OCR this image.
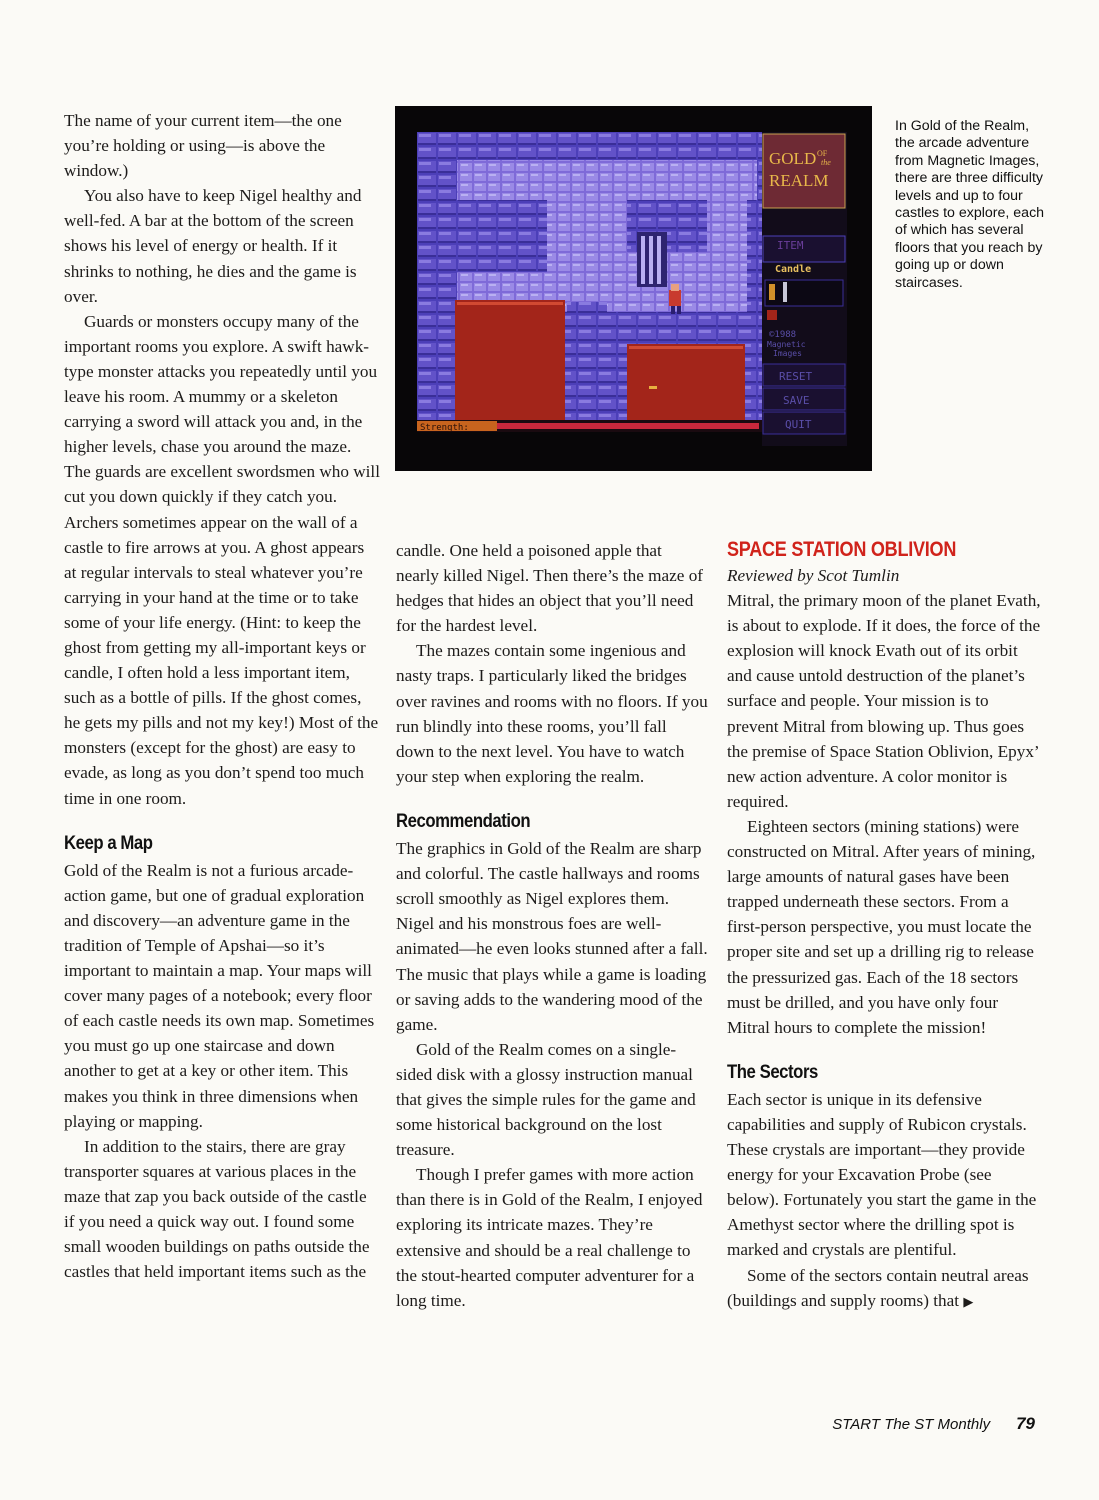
The name of your current item—the one you’re holding or using—is above the window.)

You also have to keep Nigel healthy and well-fed. A bar at the bottom of the screen shows his level of energy or health. If it shrinks to nothing, he dies and the game is over.

Guards or monsters occupy many of the important rooms you explore. A swift hawk-type monster attacks you repeatedly until you leave his room. A mummy or a skeleton carrying a sword will attack you and, in the higher levels, chase you around the maze. The guards are excellent swordsmen who will cut you down quickly if they catch you. Archers sometimes appear on the wall of a castle to fire arrows at you. A ghost appears at regular intervals to steal whatever you’re carrying in your hand at the time or to take some of your life energy. (Hint: to keep the ghost from getting my all-important keys or candle, I often hold a less important item, such as a bottle of pills. If the ghost comes, he gets my pills and not my key!) Most of the monsters (except for the ghost) are easy to evade, as long as you don’t spend too much time in one room.

Keep a Map

Gold of the Realm is not a furious arcade-action game, but one of gradual exploration and discovery—an adventure game in the tradition of Temple of Apshai—so it’s important to maintain a map. Your maps will cover many pages of a notebook; every floor of each castle needs its own map. Sometimes you must go up one staircase and down another to get at a key or other item. This makes you think in three dimensions when playing or mapping.

In addition to the stairs, there are gray transporter squares at various places in the maze that zap you back outside of the castle if you need a quick way out. I found some small wooden buildings on paths outside the castles that held important items such as the

GOLD OF
the
REALM
ITEM
Candle
©1988
Magnetic
Images
RESET
SAVE
QUIT
Strength:
In Gold of the Realm, the arcade adventure from Magnetic Images, there are three difficulty levels and up to four castles to explore, each of which has several floors that you reach by going up or down staircases.

candle. One held a poisoned apple that nearly killed Nigel. Then there’s the maze of hedges that hides an object that you’ll need for the hardest level.

The mazes contain some ingenious and nasty traps. I particularly liked the bridges over ravines and rooms with no floors. If you run blindly into these rooms, you’ll fall down to the next level. You have to watch your step when exploring the realm.

Recommendation

The graphics in Gold of the Realm are sharp and colorful. The castle hallways and rooms scroll smoothly as Nigel explores them. Nigel and his monstrous foes are well-animated—he even looks stunned after a fall. The music that plays while a game is loading or saving adds to the wandering mood of the game.

Gold of the Realm comes on a single-sided disk with a glossy instruction manual that gives the simple rules for the game and some historical background on the lost treasure.

Though I prefer games with more action than there is in Gold of the Realm, I enjoyed exploring its intricate mazes. They’re extensive and should be a real challenge to the stout-hearted computer adventurer for a long time.

SPACE STATION OBLIVION

Reviewed by Scot Tumlin

Mitral, the primary moon of the planet Evath, is about to explode. If it does, the force of the explosion will knock Evath out of its orbit and cause untold destruction of the planet’s surface and people. Your mission is to prevent Mitral from blowing up. Thus goes the premise of Space Station Oblivion, Epyx’ new action adventure. A color monitor is required.

Eighteen sectors (mining stations) were constructed on Mitral. After years of mining, large amounts of natural gases have been trapped underneath these sectors. From a first-person perspective, you must locate the proper site and set up a drilling rig to release the pressurized gas. Each of the 18 sectors must be drilled, and you have only four Mitral hours to complete the mission!

The Sectors

Each sector is unique in its defensive capabilities and supply of Rubicon crystals. These crystals are important—they provide energy for your Excavation Probe (see below). Fortunately you start the game in the Amethyst sector where the drilling spot is marked and crystals are plentiful.

Some of the sectors contain neutral areas (buildings and supply rooms) that ▶

START The ST Monthly 79
